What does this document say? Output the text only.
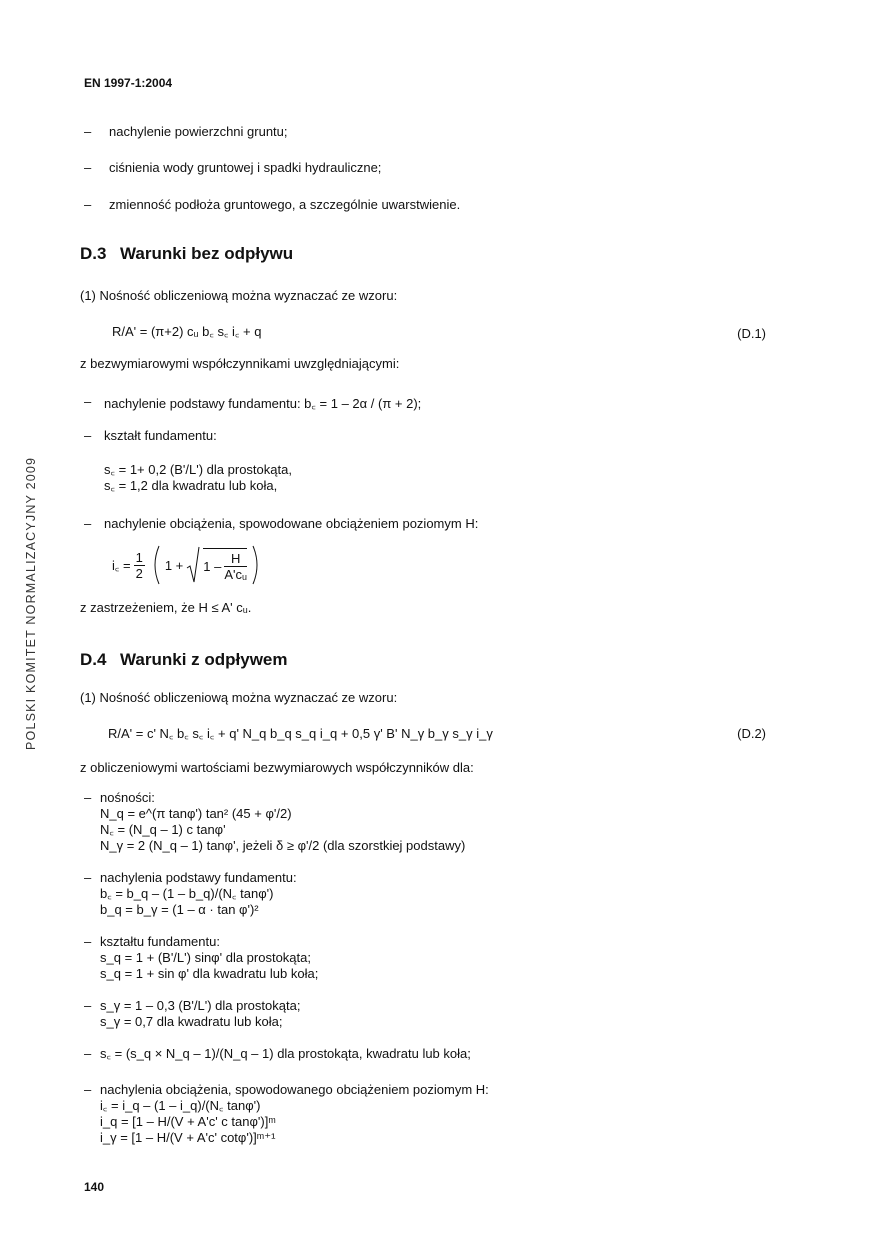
EN 1997-1:2004
–	nachylenie powierzchni gruntu;
–	ciśnienia wody gruntowej i spadki hydrauliczne;
–	zmienność podłoża gruntowego, a szczególnie uwarstwienie.
D.3 Warunki bez odpływu
(1) Nośność obliczeniową można wyznaczać ze wzoru:
R/A' = (π+2) cᵤ b꜀ s꜀ i꜀ + q	(D.1)
z bezwymiarowymi współczynnikami uwzględniającymi:
– nachylenie podstawy fundamentu: b꜀ = 1 – 2α / (π + 2);
– kształt fundamentu:
s꜀ = 1+ 0,2 (B'/L') dla prostokąta,
s꜀ = 1,2 dla kwadratu lub koła,
– nachylenie obciążenia, spowodowane obciążeniem poziomym H:
i꜀ = $\frac{1}{2} 1 + 1 - \frac{H}{\text{A'cᵤ}}$
z zastrzeżeniem, że H ≤ A' cᵤ.
D.4 Warunki z odpływem
(1) Nośność obliczeniową można wyznaczać ze wzoru:
R/A' = c' N꜀ b꜀ s꜀ i꜀ + q' N_q b_q s_q i_q + 0,5 γ' B' N_γ b_γ s_γ i_γ	(D.2)
z obliczeniowymi wartościami bezwymiarowych współczynników dla:
– nośności:
N_q = e^(π tanφ') tan² (45 + φ'/2)
N꜀ = (N_q – 1) c tanφ'
N_γ = 2 (N_q – 1) tanφ', jeżeli δ ≥ φ'/2 (dla szorstkiej podstawy)
– nachylenia podstawy fundamentu:
b꜀ = b_q – (1 – b_q)/(N꜀ tanφ')
b_q = b_γ = (1 – α · tan φ')²
– kształtu fundamentu:
s_q = 1 + (B'/L') sinφ' dla prostokąta;
s_q = 1 + sin φ' dla kwadratu lub koła;
– s_γ = 1 – 0,3 (B'/L') dla prostokąta;
s_γ = 0,7 dla kwadratu lub koła;
– s꜀ = (s_q × N_q – 1)/(N_q – 1) dla prostokąta, kwadratu lub koła;
– nachylenia obciążenia, spowodowanego obciążeniem poziomym H:
i꜀ = i_q – (1 – i_q)/(N꜀ tanφ')
i_q = [1 – H/(V + A'c' c tanφ')]ᵐ
i_γ = [1 – H/(V + A'c' cotφ')]ᵐ⁺¹
POLSKI KOMITET NORMALIZACYJNY 2009
140
